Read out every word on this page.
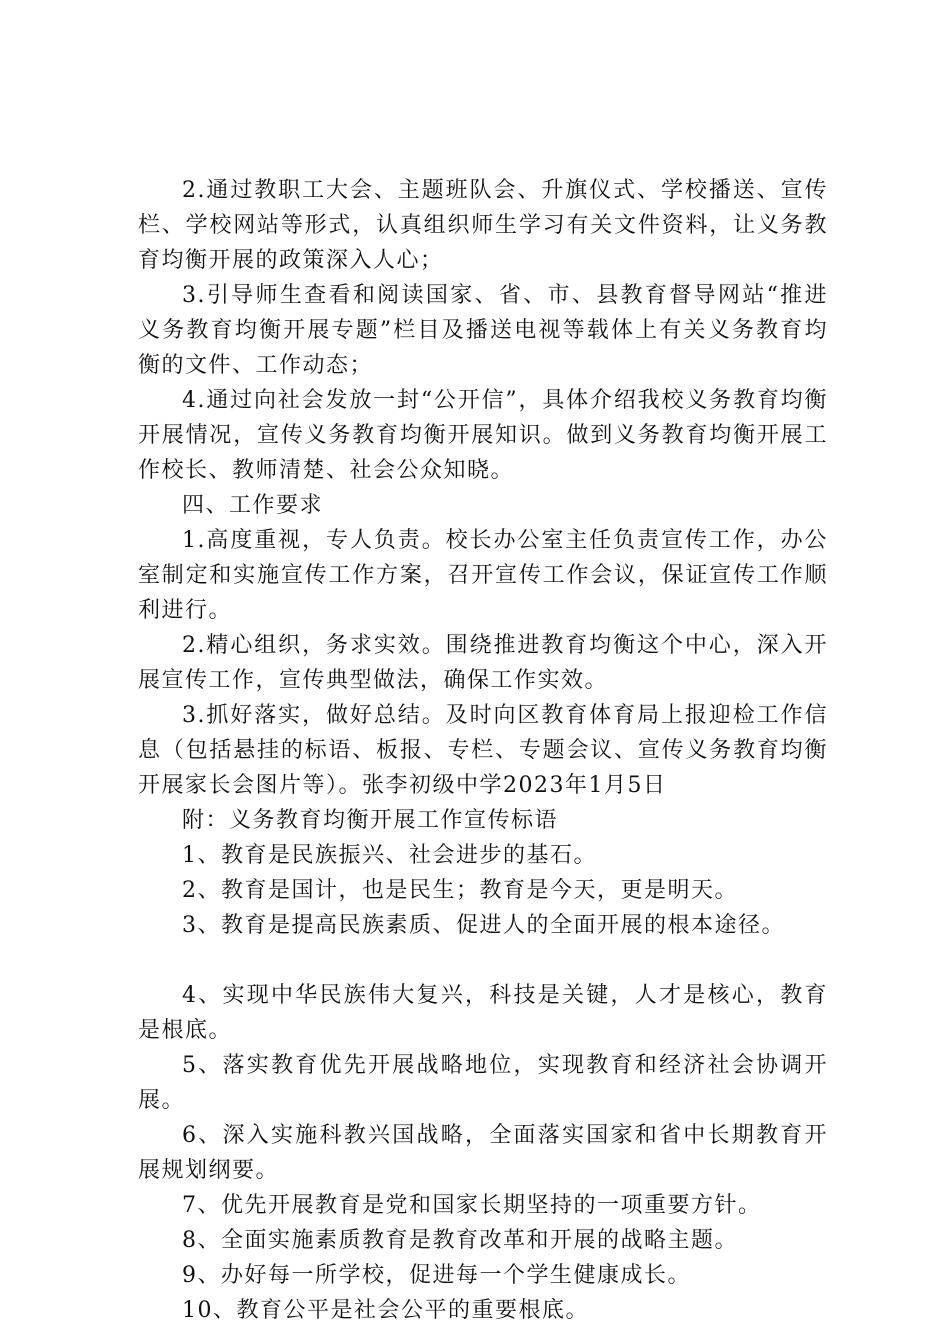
2.通过教职工大会、主题班队会、升旗仪式、学校播送、宣传栏、学校网站等形式，认真组织师生学习有关文件资料，让义务教育均衡开展的政策深入人心；

3.引导师生查看和阅读国家、省、市、县教育督导网站“推进义务教育均衡开展专题”栏目及播送电视等载体上有关义务教育均衡的文件、工作动态；

4.通过向社会发放一封“公开信”，具体介绍我校义务教育均衡开展情况，宣传义务教育均衡开展知识。做到义务教育均衡开展工作校长、教师清楚、社会公众知晓。

四、工作要求

1.高度重视，专人负责。校长办公室主任负责宣传工作，办公室制定和实施宣传工作方案，召开宣传工作会议，保证宣传工作顺利进行。

2.精心组织，务求实效。围绕推进教育均衡这个中心，深入开展宣传工作，宣传典型做法，确保工作实效。

3.抓好落实，做好总结。及时向区教育体育局上报迎检工作信息（包括悬挂的标语、板报、专栏、专题会议、宣传义务教育均衡开展家长会图片等）。张李初级中学2023年1月5日

附：义务教育均衡开展工作宣传标语

1、教育是民族振兴、社会进步的基石。

2、教育是国计，也是民生；教育是今天，更是明天。

3、教育是提高民族素质、促进人的全面开展的根本途径。

4、实现中华民族伟大复兴，科技是关键，人才是核心，教育是根底。

5、落实教育优先开展战略地位，实现教育和经济社会协调开展。

6、深入实施科教兴国战略，全面落实国家和省中长期教育开展规划纲要。

7、优先开展教育是党和国家长期坚持的一项重要方针。

8、全面实施素质教育是教育改革和开展的战略主题。

9、办好每一所学校，促进每一个学生健康成长。

10、教育公平是社会公平的重要根底。
